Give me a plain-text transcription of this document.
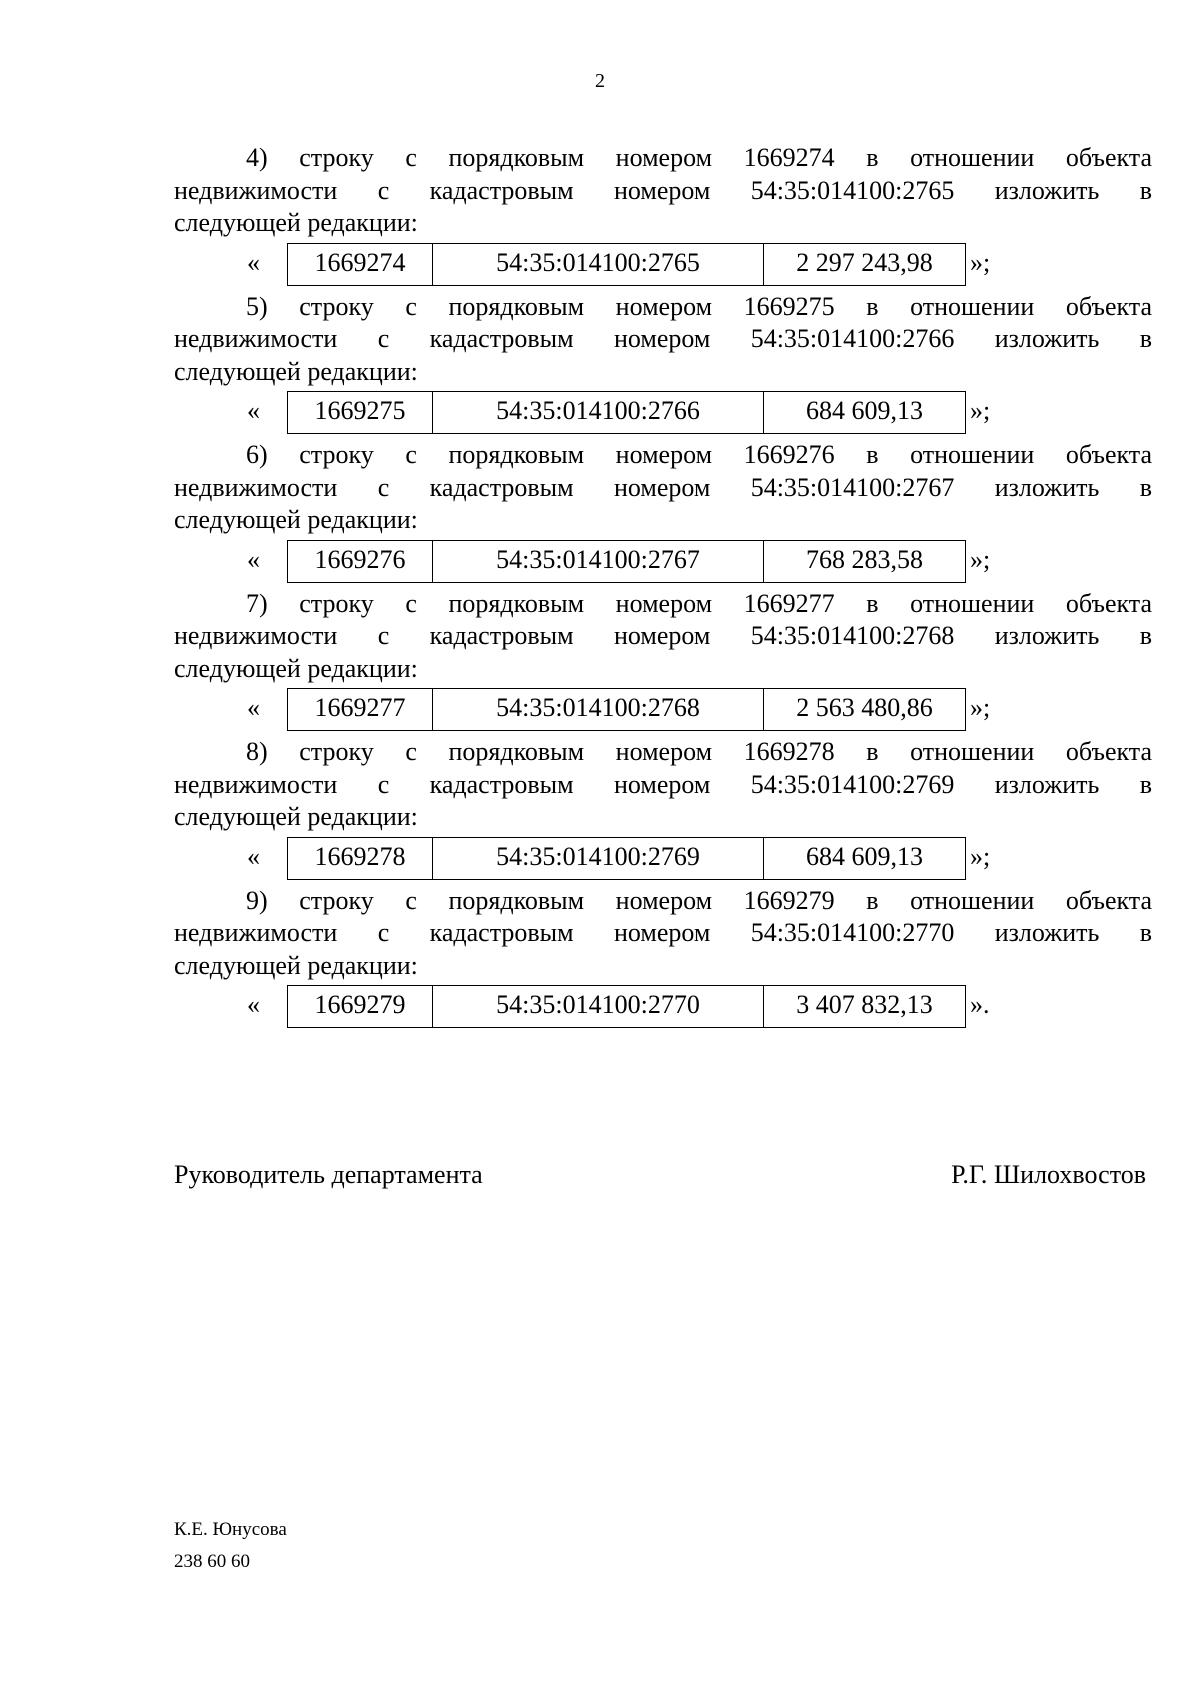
2

4) строку с порядковым номером 1669274 в отношении объекта
недвижимости с кадастровым номером 54:35:014100:2765 изложить в
следующей редакции:

«	1669274	54:35:014100:2765	2 297 243,98	»;

5) строку с порядковым номером 1669275 в отношении объекта
недвижимости с кадастровым номером 54:35:014100:2766 изложить в
следующей редакции:

«	1669275	54:35:014100:2766	684 609,13	»;

6) строку с порядковым номером 1669276 в отношении объекта
недвижимости с кадастровым номером 54:35:014100:2767 изложить в
следующей редакции:

«	1669276	54:35:014100:2767	768 283,58	»;

7) строку с порядковым номером 1669277 в отношении объекта
недвижимости с кадастровым номером 54:35:014100:2768 изложить в
следующей редакции:

«	1669277	54:35:014100:2768	2 563 480,86	»;

8) строку с порядковым номером 1669278 в отношении объекта
недвижимости с кадастровым номером 54:35:014100:2769 изложить в
следующей редакции:

«	1669278	54:35:014100:2769	684 609,13	»;

9) строку с порядковым номером 1669279 в отношении объекта
недвижимости с кадастровым номером 54:35:014100:2770 изложить в
следующей редакции:

«	1669279	54:35:014100:2770	3 407 832,13	».
Руководитель департамента	Р.Г. Шилохвостов
К.Е. Юнусова
238 60 60
